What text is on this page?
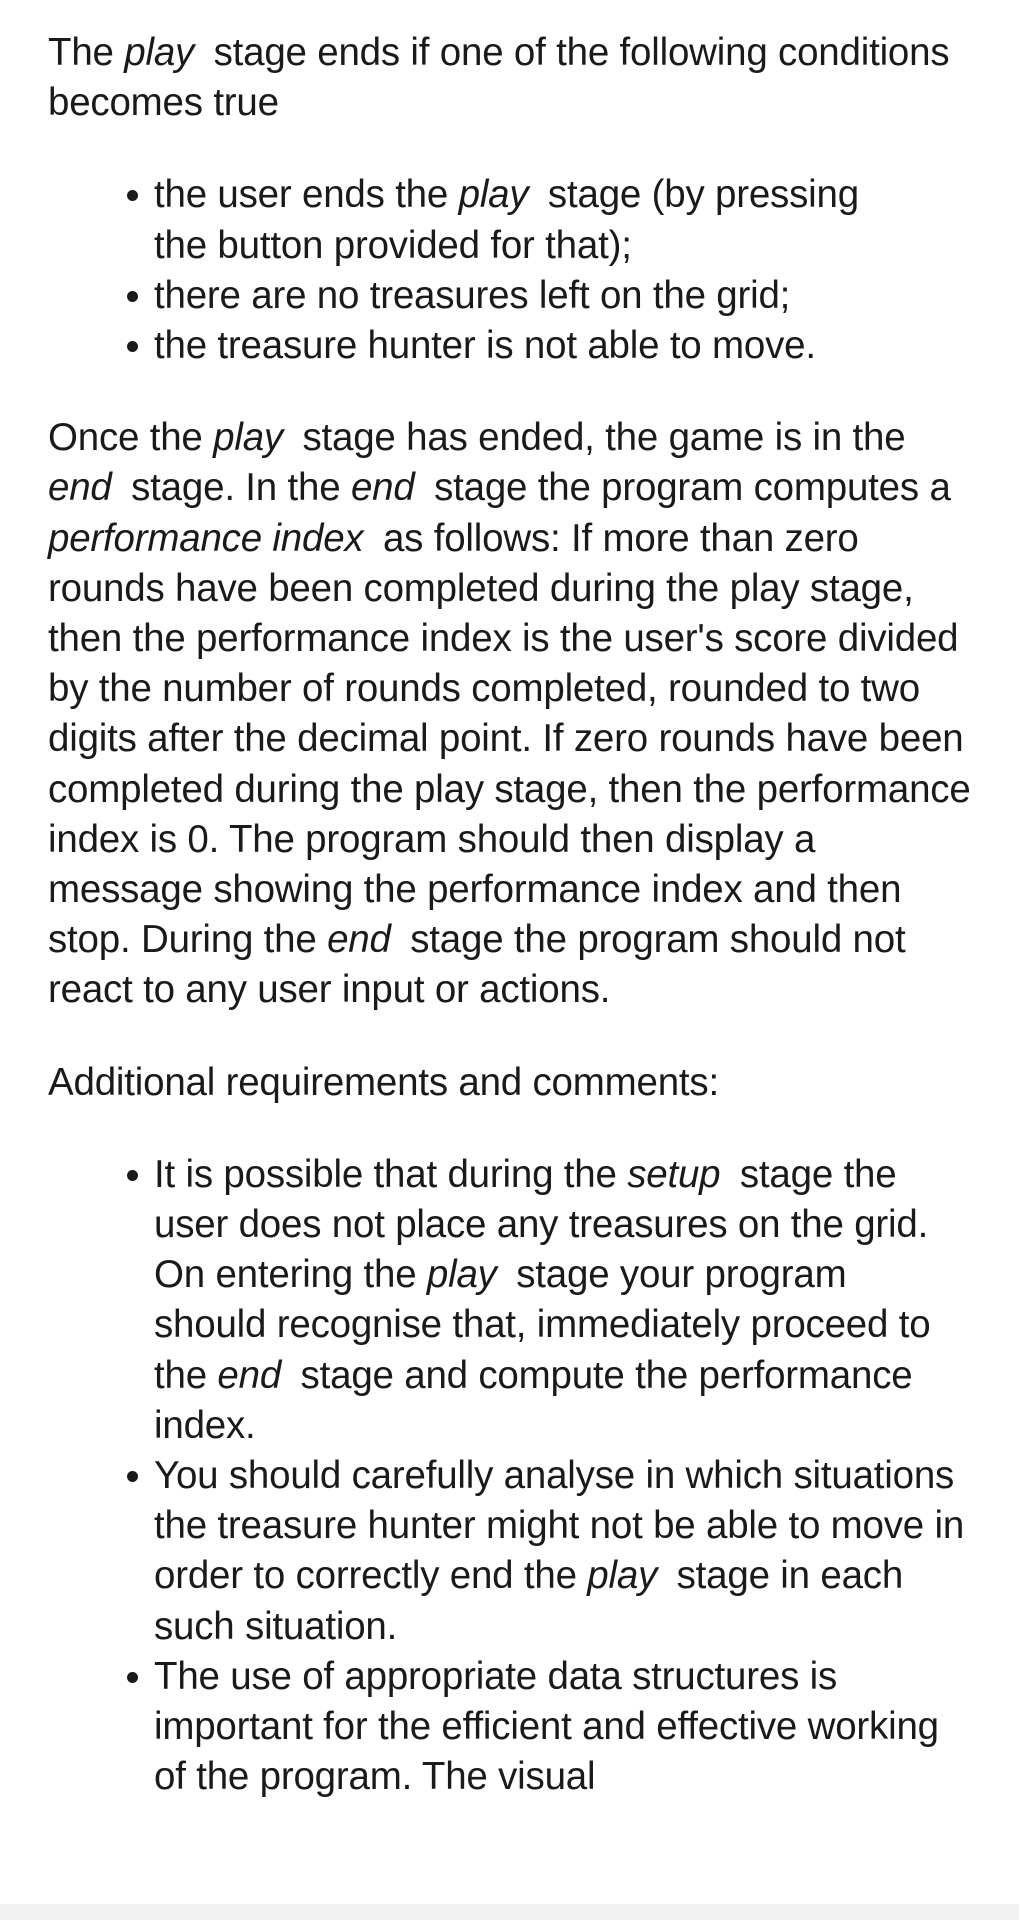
The play stage ends if one of the following conditions becomes true

the user ends the play stage (by pressing the button provided for that);
there are no treasures left on the grid;
the treasure hunter is not able to move.

Once the play stage has ended, the game is in the end stage. In the end stage the program computes a performance index as follows: If more than zero rounds have been completed during the play stage, then the performance index is the user's score divided by the number of rounds completed, rounded to two digits after the decimal point. If zero rounds have been completed during the play stage, then the performance index is 0. The program should then display a message showing the performance index and then stop. During the end stage the program should not react to any user input or actions.

Additional requirements and comments:

It is possible that during the setup stage the user does not place any treasures on the grid. On entering the play stage your program should recognise that, immediately proceed to the end stage and compute the performance index.
You should carefully analyse in which situations the treasure hunter might not be able to move in order to correctly end the play stage in each such situation.
The use of appropriate data structures is important for the efficient and effective working of the program. The visual
